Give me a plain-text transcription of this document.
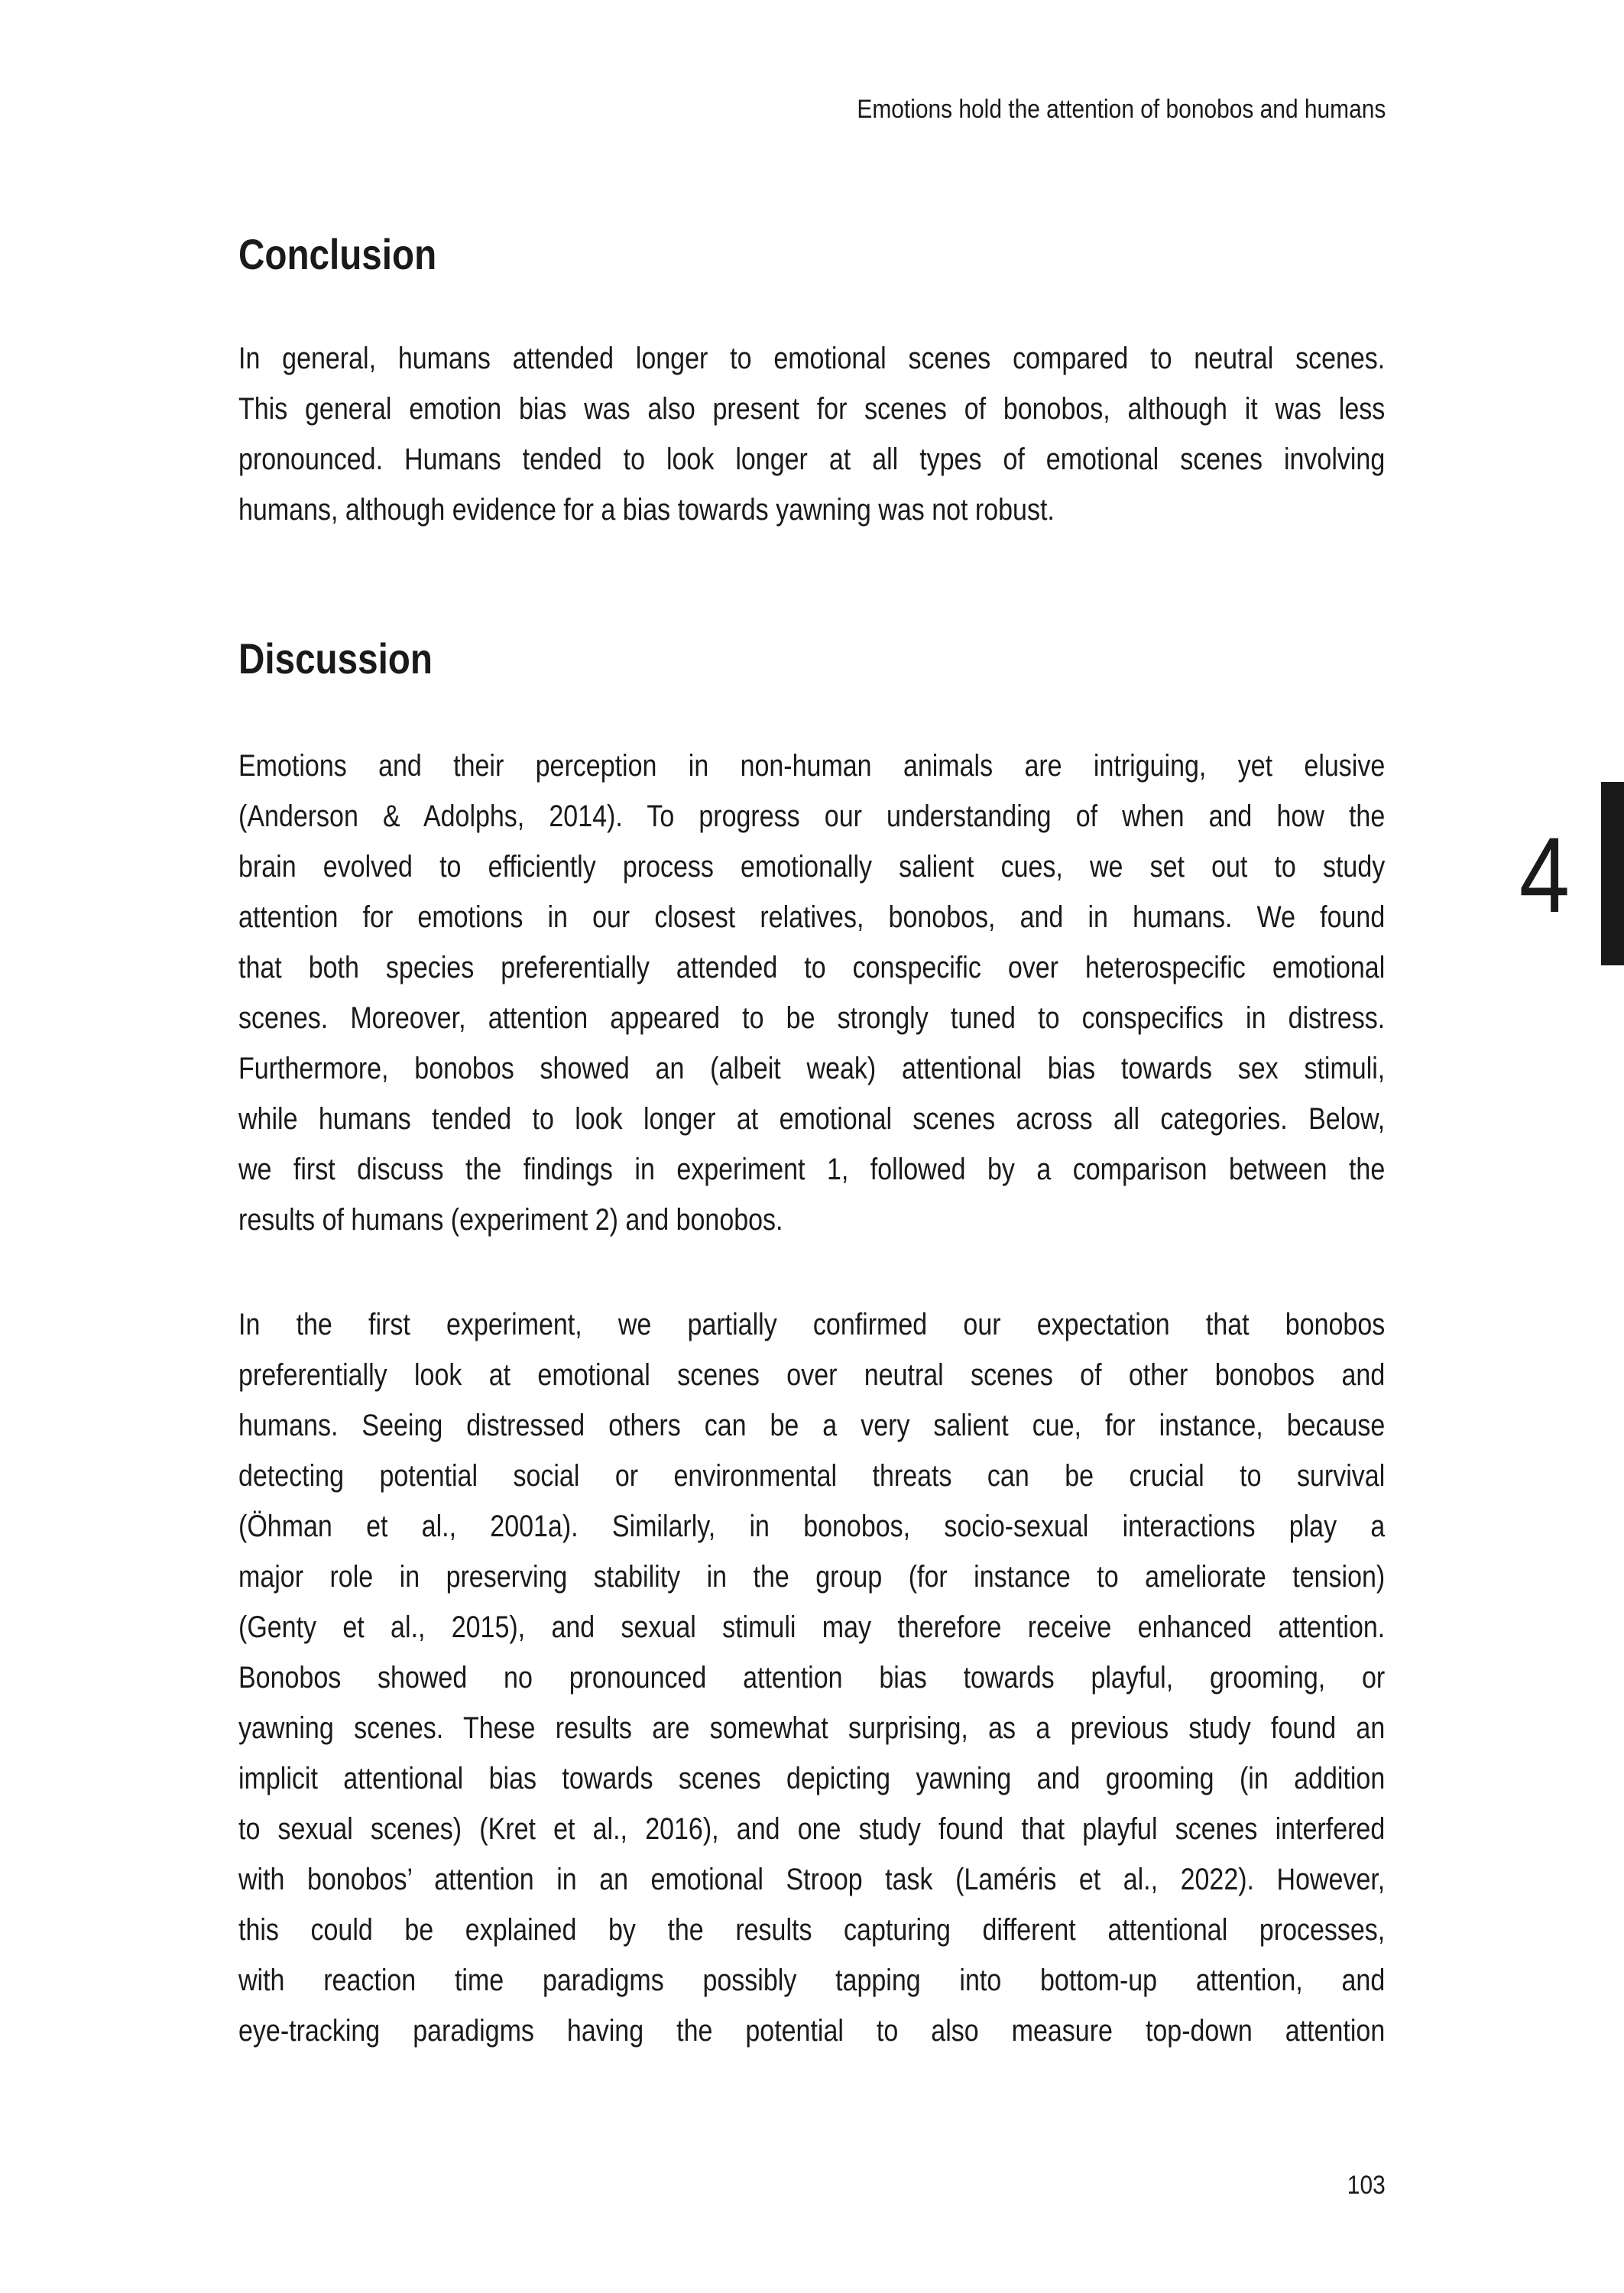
Emotions hold the attention of bonobos and humans
Conclusion
In general, humans attended longer to emotional scenes compared to neutral scenes.
This general emotion bias was also present for scenes of bonobos, although it was less
pronounced. Humans tended to look longer at all types of emotional scenes involving
humans, although evidence for a bias towards yawning was not robust.
Discussion
Emotions and their perception in non-human animals are intriguing, yet elusive
(Anderson & Adolphs, 2014). To progress our understanding of when and how the
brain evolved to efficiently process emotionally salient cues, we set out to study
attention for emotions in our closest relatives, bonobos, and in humans. We found
that both species preferentially attended to conspecific over heterospecific emotional
scenes. Moreover, attention appeared to be strongly tuned to conspecifics in distress.
Furthermore, bonobos showed an (albeit weak) attentional bias towards sex stimuli,
while humans tended to look longer at emotional scenes across all categories. Below,
we first discuss the findings in experiment 1, followed by a comparison between the
results of humans (experiment 2) and bonobos.
In the first experiment, we partially confirmed our expectation that bonobos
preferentially look at emotional scenes over neutral scenes of other bonobos and
humans. Seeing distressed others can be a very salient cue, for instance, because
detecting potential social or environmental threats can be crucial to survival
(Öhman et al., 2001a). Similarly, in bonobos, socio-sexual interactions play a
major role in preserving stability in the group (for instance to ameliorate tension)
(Genty et al., 2015), and sexual stimuli may therefore receive enhanced attention.
Bonobos showed no pronounced attention bias towards playful, grooming, or
yawning scenes. These results are somewhat surprising, as a previous study found an
implicit attentional bias towards scenes depicting yawning and grooming (in addition
to sexual scenes) (Kret et al., 2016), and one study found that playful scenes interfered
with bonobos’ attention in an emotional Stroop task (Laméris et al., 2022). However,
this could be explained by the results capturing different attentional processes,
with reaction time paradigms possibly tapping into bottom-up attention, and
eye-tracking paradigms having the potential to also measure top-down attention
4
103
